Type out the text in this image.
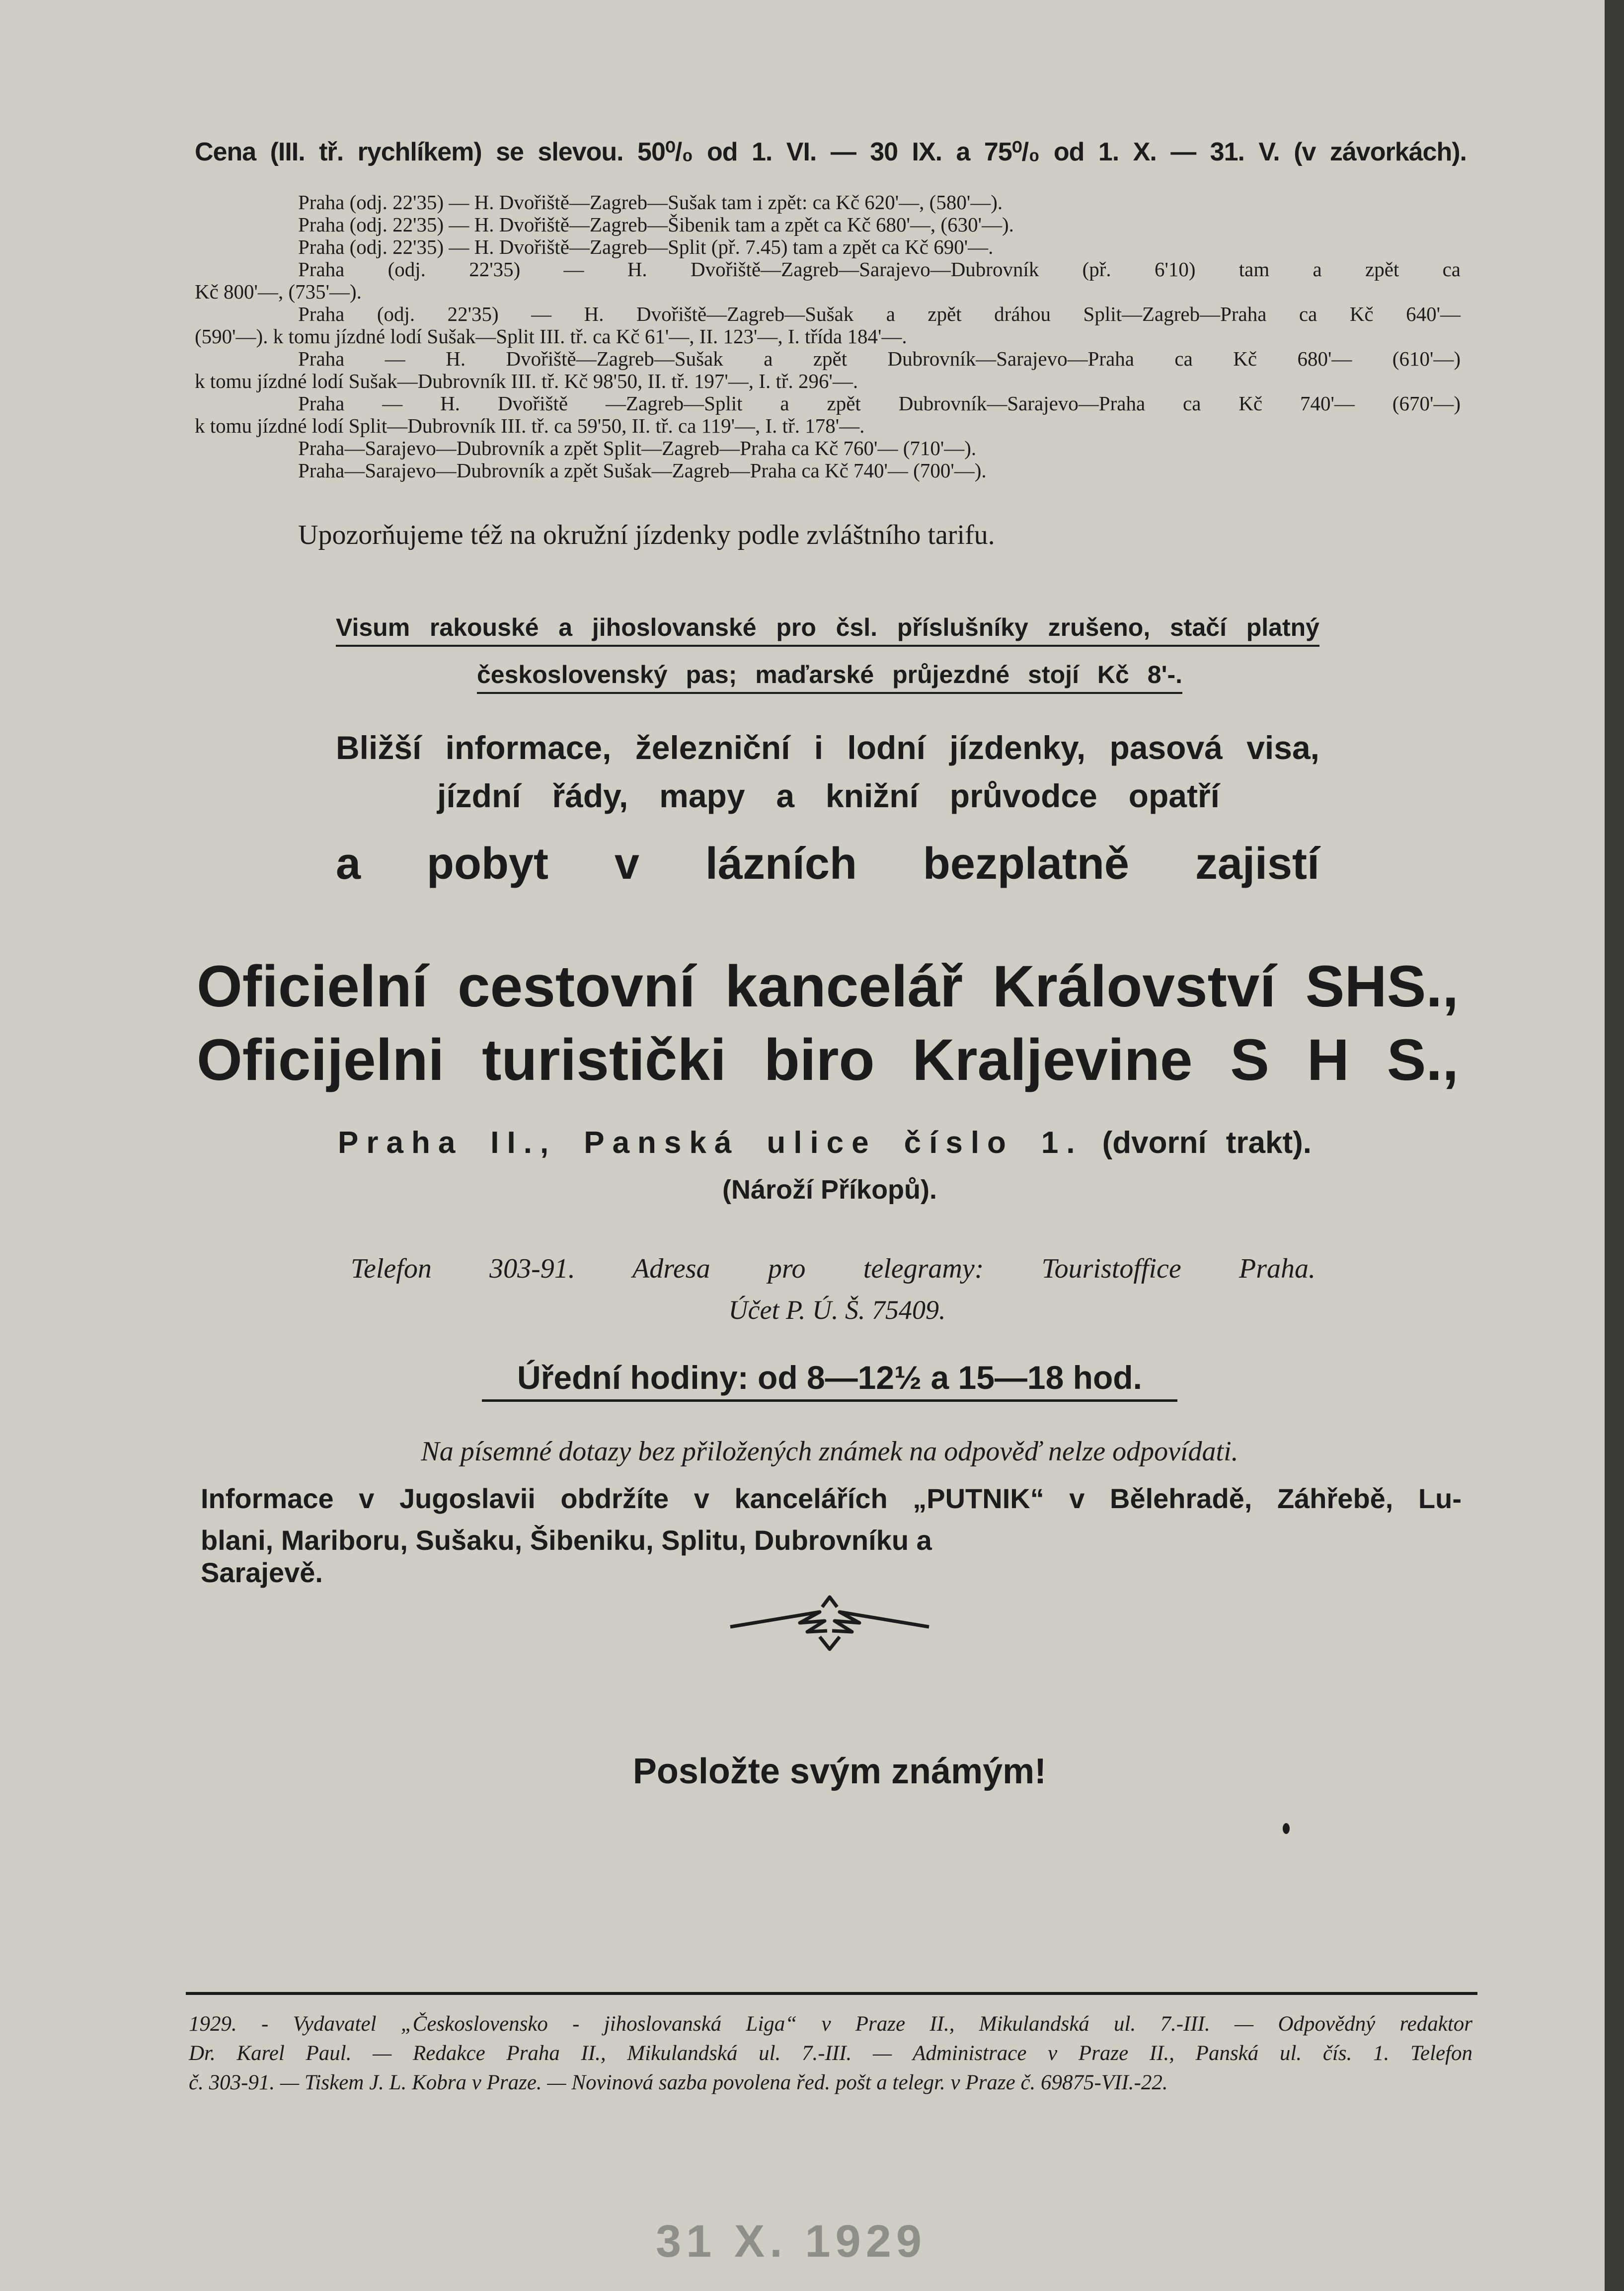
Cena (III. tř. rychlíkem) se slevou. 50⁰/₀ od 1. VI. — 30 IX. a 75⁰/₀ od 1. X. — 31. V. (v závorkách).

Praha (odj. 22'35) — H. Dvořiště—Zagreb—Sušak tam i zpět: ca Kč 620'—, (580'—).
Praha (odj. 22'35) — H. Dvořiště—Zagreb—Šibenik tam a zpět ca Kč 680'—, (630'—).
Praha (odj. 22'35) — H. Dvořiště—Zagreb—Split (př. 7.45) tam a zpět ca Kč 690'—.
Praha (odj. 22'35) — H. Dvořiště—Zagreb—Sarajevo—Dubrovník (př. 6'10) tam a zpět ca
Kč 800'—, (735'—).
Praha (odj. 22'35) — H. Dvořiště—Zagreb—Sušak a zpět dráhou Split—Zagreb—Praha ca Kč 640'—
(590'—). k tomu jízdné lodí Sušak—Split III. tř. ca Kč 61'—, II. 123'—, I. třída 184'—.
Praha — H. Dvořiště—Zagreb—Sušak a zpět Dubrovník—Sarajevo—Praha ca Kč 680'— (610'—)
k tomu jízdné lodí Sušak—Dubrovník III. tř. Kč 98'50, II. tř. 197'—, I. tř. 296'—.
Praha — H. Dvořiště —Zagreb—Split a zpět Dubrovník—Sarajevo—Praha ca Kč 740'— (670'—)
k tomu jízdné lodí Split—Dubrovník III. tř. ca 59'50, II. tř. ca 119'—, I. tř. 178'—.
Praha—Sarajevo—Dubrovník a zpět Split—Zagreb—Praha ca Kč 760'— (710'—).
Praha—Sarajevo—Dubrovník a zpět Sušak—Zagreb—Praha ca Kč 740'— (700'—).

Upozorňujeme též na okružní jízdenky podle zvláštního tarifu.

Visum rakouské a jihoslovanské pro čsl. příslušníky zrušeno, stačí platný

československý pas; maďarské průjezdné stojí Kč 8'-.

Bližší informace, železniční i lodní jízdenky, pasová visa,

jízdní řády, mapy a knižní průvodce opatří

a pobyt v lázních bezplatně zajistí

Oficielní cestovní kancelář Království SHS.,

Oficijelni turistički biro Kraljevine S H S.,

Praha II., Panská ulice číslo 1. (dvorní trakt).

(Nároží Příkopů).

Telefon 303-91. Adresa pro telegramy: Touristoffice Praha.

Účet P. Ú. Š. 75409.

Úřední hodiny: od 8—12½ a 15—18 hod.

Na písemné dotazy bez přiložených známek na odpověď nelze odpovídati.

Informace v Jugoslavii obdržíte v kancelářích „PUTNIK“ v Bělehradě, Záhřebě, Lu-

blani, Mariboru, Sušaku, Šibeniku, Splitu, Dubrovníku a Sarajevě.

Posložte svým známým!

1929. - Vydavatel „Československo - jihoslovanská Liga“ v Praze II., Mikulandská ul. 7.-III. — Odpovědný redaktor
Dr. Karel Paul. — Redakce Praha II., Mikulandská ul. 7.-III. — Administrace v Praze II., Panská ul. čís. 1. Telefon
č. 303-91. — Tiskem J. L. Kobra v Praze. — Novinová sazba povolena řed. pošt a telegr. v Praze č. 69875-VII.-22.

31 X. 1929
